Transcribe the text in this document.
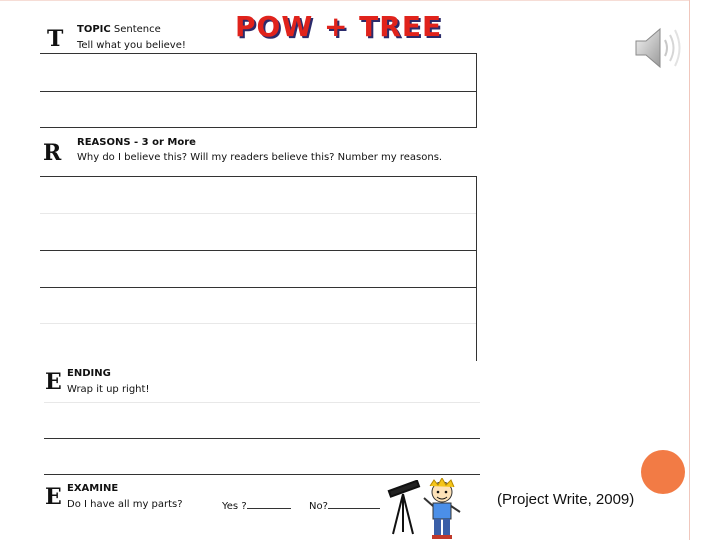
POW + TREE
T TOPIC Sentence
Tell what you believe!
R REASONS - 3 or More
Why do I believe this? Will my readers believe this? Number my reasons.
E ENDING
Wrap it up right!
E EXAMINE
Do I have all my parts?	Yes ?	No?	(Project Write, 2009)
